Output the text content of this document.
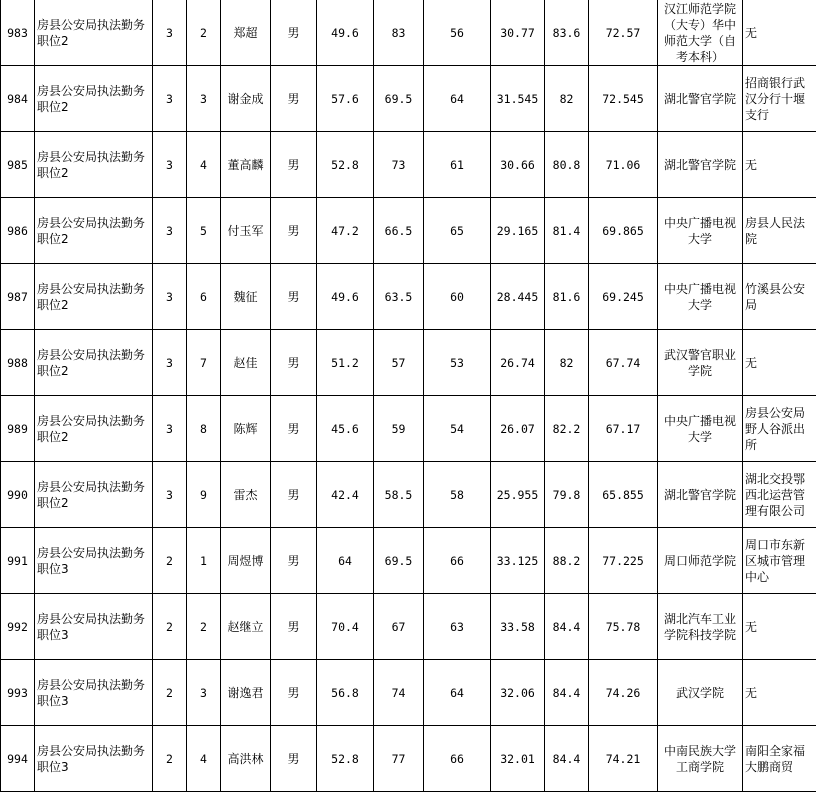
983	房县公安局执法勤务职位2	3	2	郑超	男	49.6	83	56	30.77	83.6	72.57	汉江师范学院（大专）华中师范大学（自考本科）	无
984	房县公安局执法勤务职位2	3	3	谢金成	男	57.6	69.5	64	31.545	82	72.545	湖北警官学院	招商银行武汉分行十堰支行
985	房县公安局执法勤务职位2	3	4	董高麟	男	52.8	73	61	30.66	80.8	71.06	湖北警官学院	无
986	房县公安局执法勤务职位2	3	5	付玉军	男	47.2	66.5	65	29.165	81.4	69.865	中央广播电视大学	房县人民法院
987	房县公安局执法勤务职位2	3	6	魏征	男	49.6	63.5	60	28.445	81.6	69.245	中央广播电视大学	竹溪县公安局
988	房县公安局执法勤务职位2	3	7	赵佳	男	51.2	57	53	26.74	82	67.74	武汉警官职业学院	无
989	房县公安局执法勤务职位2	3	8	陈辉	男	45.6	59	54	26.07	82.2	67.17	中央广播电视大学	房县公安局野人谷派出所
990	房县公安局执法勤务职位2	3	9	雷杰	男	42.4	58.5	58	25.955	79.8	65.855	湖北警官学院	湖北交投鄂西北运营管理有限公司
991	房县公安局执法勤务职位3	2	1	周煜博	男	64	69.5	66	33.125	88.2	77.225	周口师范学院	周口市东新区城市管理中心
992	房县公安局执法勤务职位3	2	2	赵继立	男	70.4	67	63	33.58	84.4	75.78	湖北汽车工业学院科技学院	无
993	房县公安局执法勤务职位3	2	3	谢逸君	男	56.8	74	64	32.06	84.4	74.26	武汉学院	无
994	房县公安局执法勤务职位3	2	4	高洪林	男	52.8	77	66	32.01	84.4	74.21	中南民族大学工商学院	南阳全家福大鹏商贸
